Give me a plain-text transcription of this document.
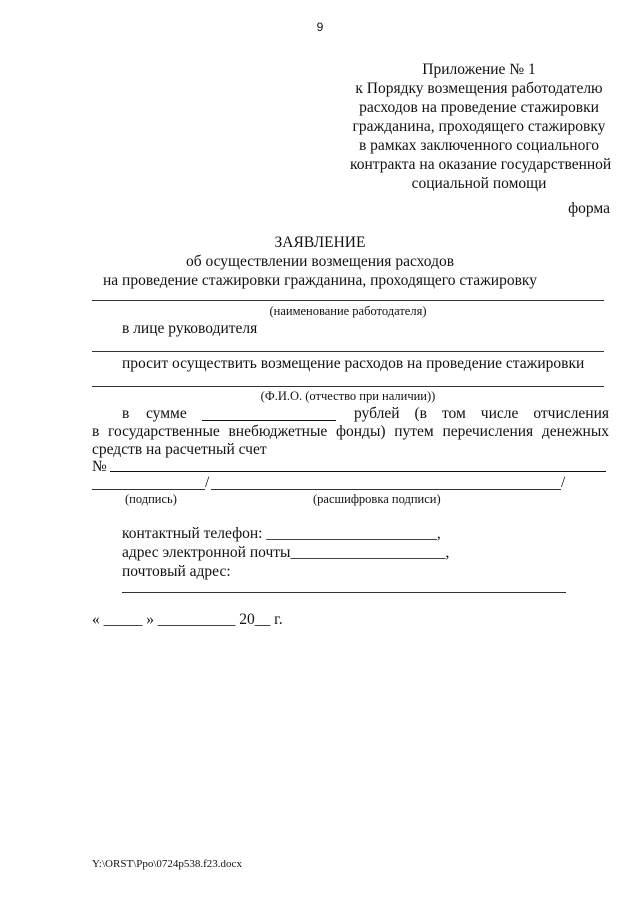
9
Приложение № 1
к Порядку возмещения работодателю
расходов на проведение стажировки
гражданина, проходящего стажировку
в рамках заключенного социального
контракта на оказание государственной
социальной помощи
форма
ЗАЯВЛЕНИЕ
об осуществлении возмещения расходов
на проведение стажировки гражданина, проходящего стажировку
(наименование работодателя)
в лице руководителя
просит осуществить возмещение расходов на проведение стажировки
(Ф.И.О. (отчество при наличии))
в сумме	рублей (в том числе отчисления
в государственные внебюджетные фонды) путем перечисления денежных
средств на расчетный счет
№
/	/
(подпись)	(расшифровка подписи)
контактный телефон: ______________________,
адрес электронной почты____________________,
почтовый адрес:
« _____ » __________ 20__ г.
Y:\ORST\Ppo\0724p538.f23.docx
